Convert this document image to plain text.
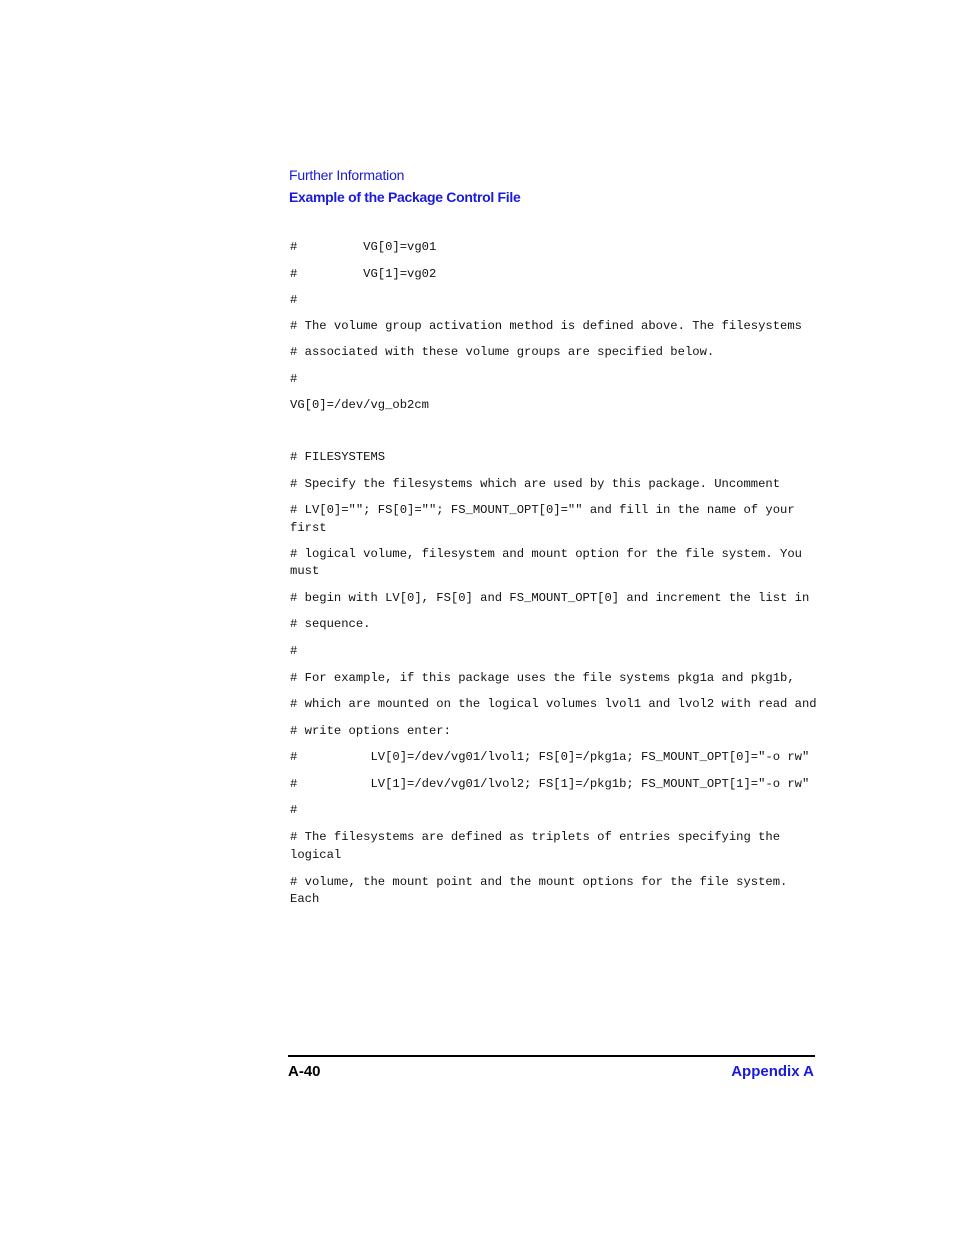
Further Information

Example of the Package Control File

#         VG[0]=vg01

#         VG[1]=vg02

#

# The volume group activation method is defined above. The filesystems

# associated with these volume groups are specified below.

#

VG[0]=/dev/vg_ob2cm

# FILESYSTEMS

# Specify the filesystems which are used by this package. Uncomment

# LV[0]=""; FS[0]=""; FS_MOUNT_OPT[0]="" and fill in the name of your first

# logical volume, filesystem and mount option for the file system. You must

# begin with LV[0], FS[0] and FS_MOUNT_OPT[0] and increment the list in

# sequence.

#

# For example, if this package uses the file systems pkg1a and pkg1b,

# which are mounted on the logical volumes lvol1 and lvol2 with read and

# write options enter:

#          LV[0]=/dev/vg01/lvol1; FS[0]=/pkg1a; FS_MOUNT_OPT[0]="-o rw"

#          LV[1]=/dev/vg01/lvol2; FS[1]=/pkg1b; FS_MOUNT_OPT[1]="-o rw"

#

# The filesystems are defined as triplets of entries specifying the logical

# volume, the mount point and the mount options for the file system. Each

A-40	Appendix A
